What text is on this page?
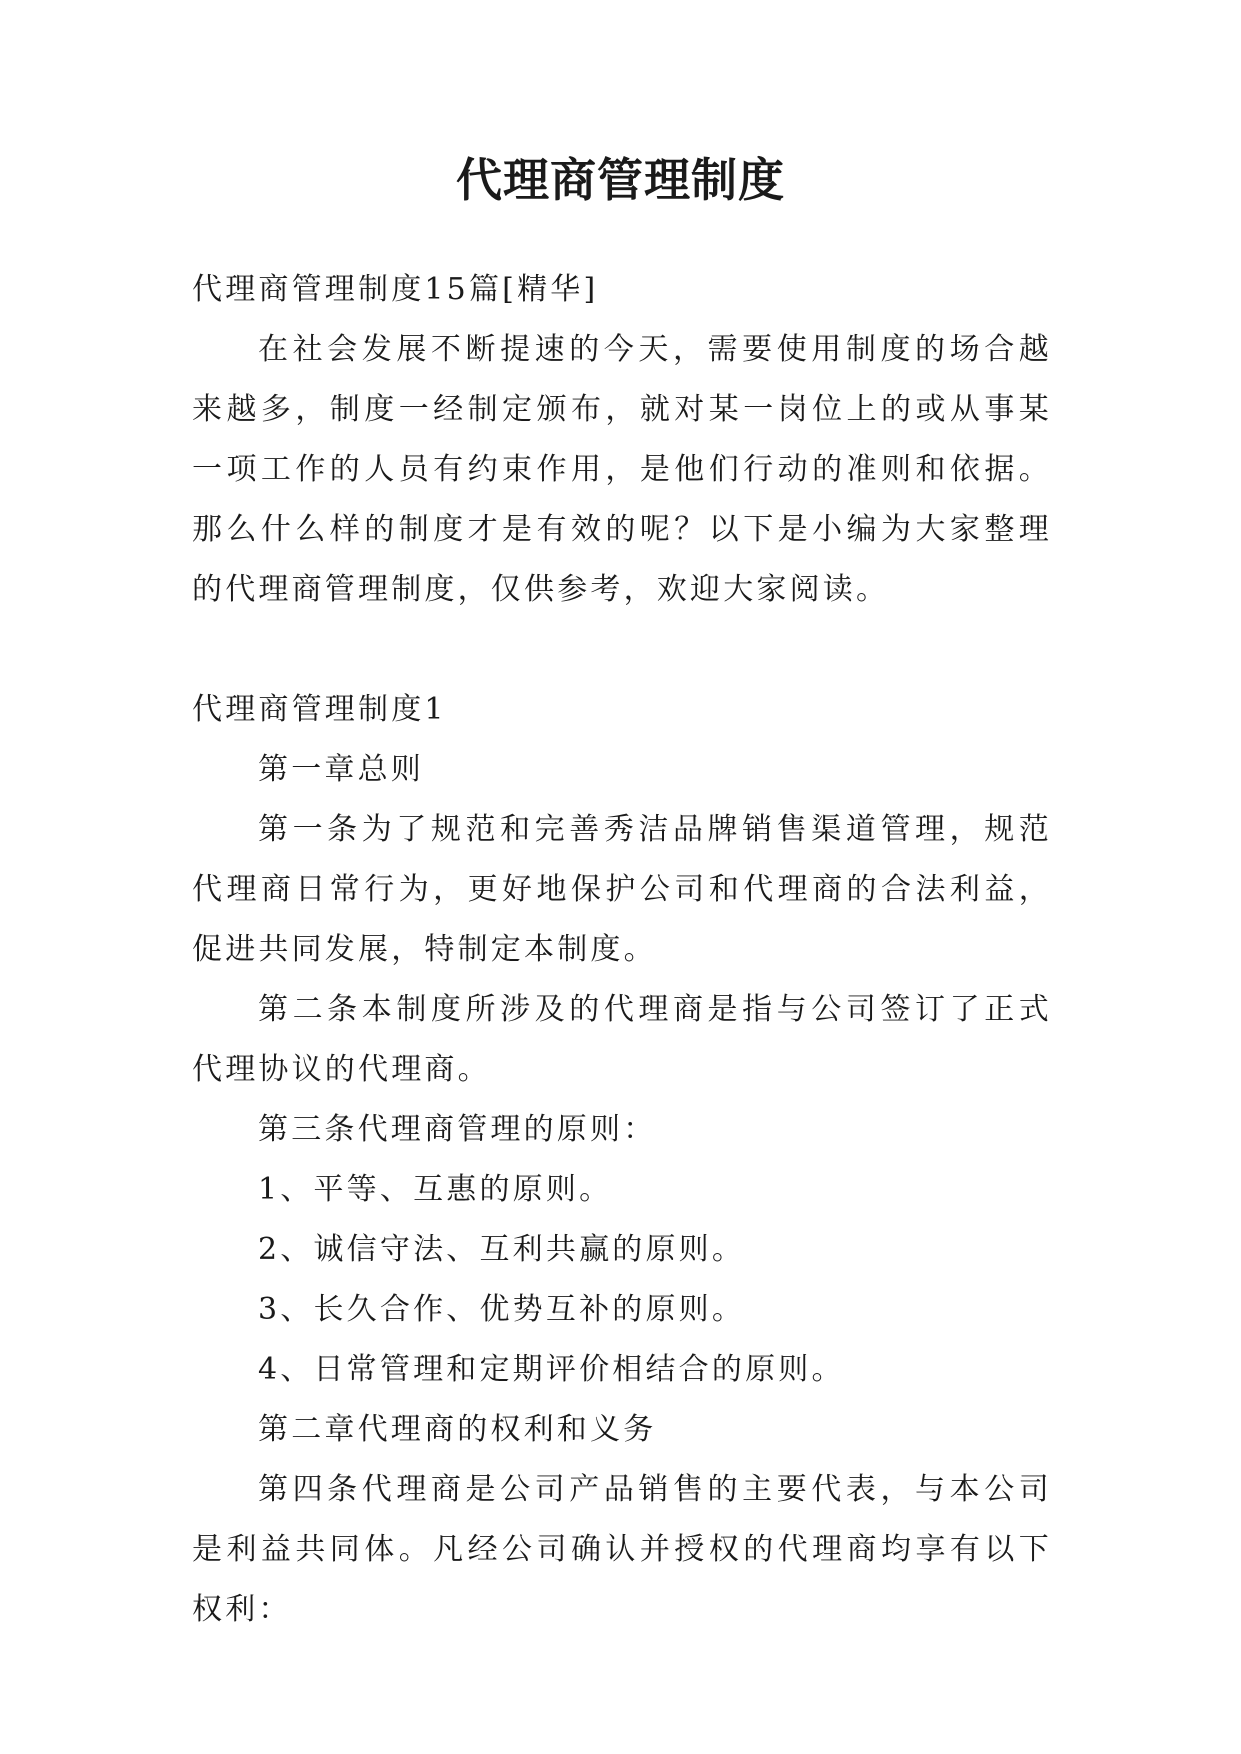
代理商管理制度

代理商管理制度15篇[精华]

在社会发展不断提速的今天，需要使用制度的场合越来越多，制度一经制定颁布，就对某一岗位上的或从事某一项工作的人员有约束作用，是他们行动的准则和依据。那么什么样的制度才是有效的呢？以下是小编为大家整理的代理商管理制度，仅供参考，欢迎大家阅读。

代理商管理制度1

第一章总则

第一条为了规范和完善秀洁品牌销售渠道管理，规范代理商日常行为，更好地保护公司和代理商的合法利益，促进共同发展，特制定本制度。

第二条本制度所涉及的代理商是指与公司签订了正式代理协议的代理商。

第三条代理商管理的原则：

1、平等、互惠的原则。

2、诚信守法、互利共赢的原则。

3、长久合作、优势互补的原则。

4、日常管理和定期评价相结合的原则。

第二章代理商的权利和义务

第四条代理商是公司产品销售的主要代表，与本公司是利益共同体。凡经公司确认并授权的代理商均享有以下权利：
